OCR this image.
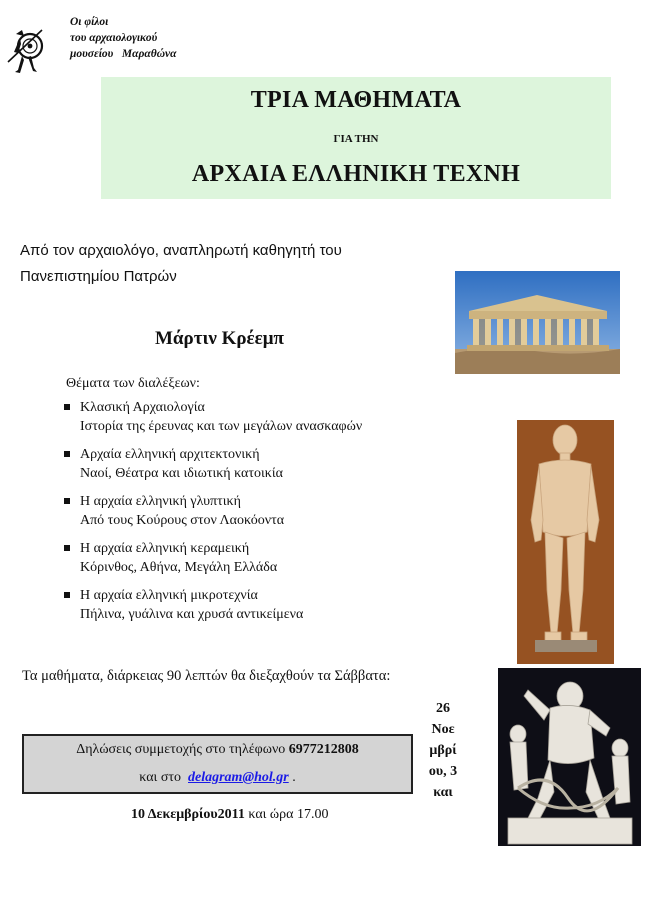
Οι φίλοι
του αρχαιολογικού
μουσείου   Μαραθώνα
ΤΡΙΑ ΜΑΘΗΜΑΤΑ
ΓΙΑ ΤΗΝ
ΑΡΧΑΙΑ ΕΛΛΗΝΙΚΗ ΤΕΧΝΗ
Από τον αρχαιολόγο, αναπληρωτή καθηγητή του
Πανεπιστημίου Πατρών
Μάρτιν Κρέεμπ
Θέματα των διαλέξεων:
Κλασική Αρχαιολογία
Ιστορία της έρευνας και των μεγάλων ανασκαφών
Αρχαία ελληνική αρχιτεκτονική
Ναοί, Θέατρα και ιδιωτική κατοικία
Η αρχαία ελληνική γλυπτική
Από τους Κούρους στον Λαοκόοντα
Η αρχαία ελληνική κεραμεική
Κόρινθος, Αθήνα, Μεγάλη Ελλάδα
Η αρχαία ελληνική μικροτεχνία
Πήλινα, γυάλινα και χρυσά αντικείμενα
Τα μαθήματα, διάρκειας 90 λεπτών θα διεξαχθούν τα Σάββατα:
26
Νοε
μβρί
ου, 3
και
Δηλώσεις συμμετοχής στο τηλέφωνο 6977212808
και στο delagram@hol.gr .
10 Δεκεμβρίου2011 και ώρα 17.00
